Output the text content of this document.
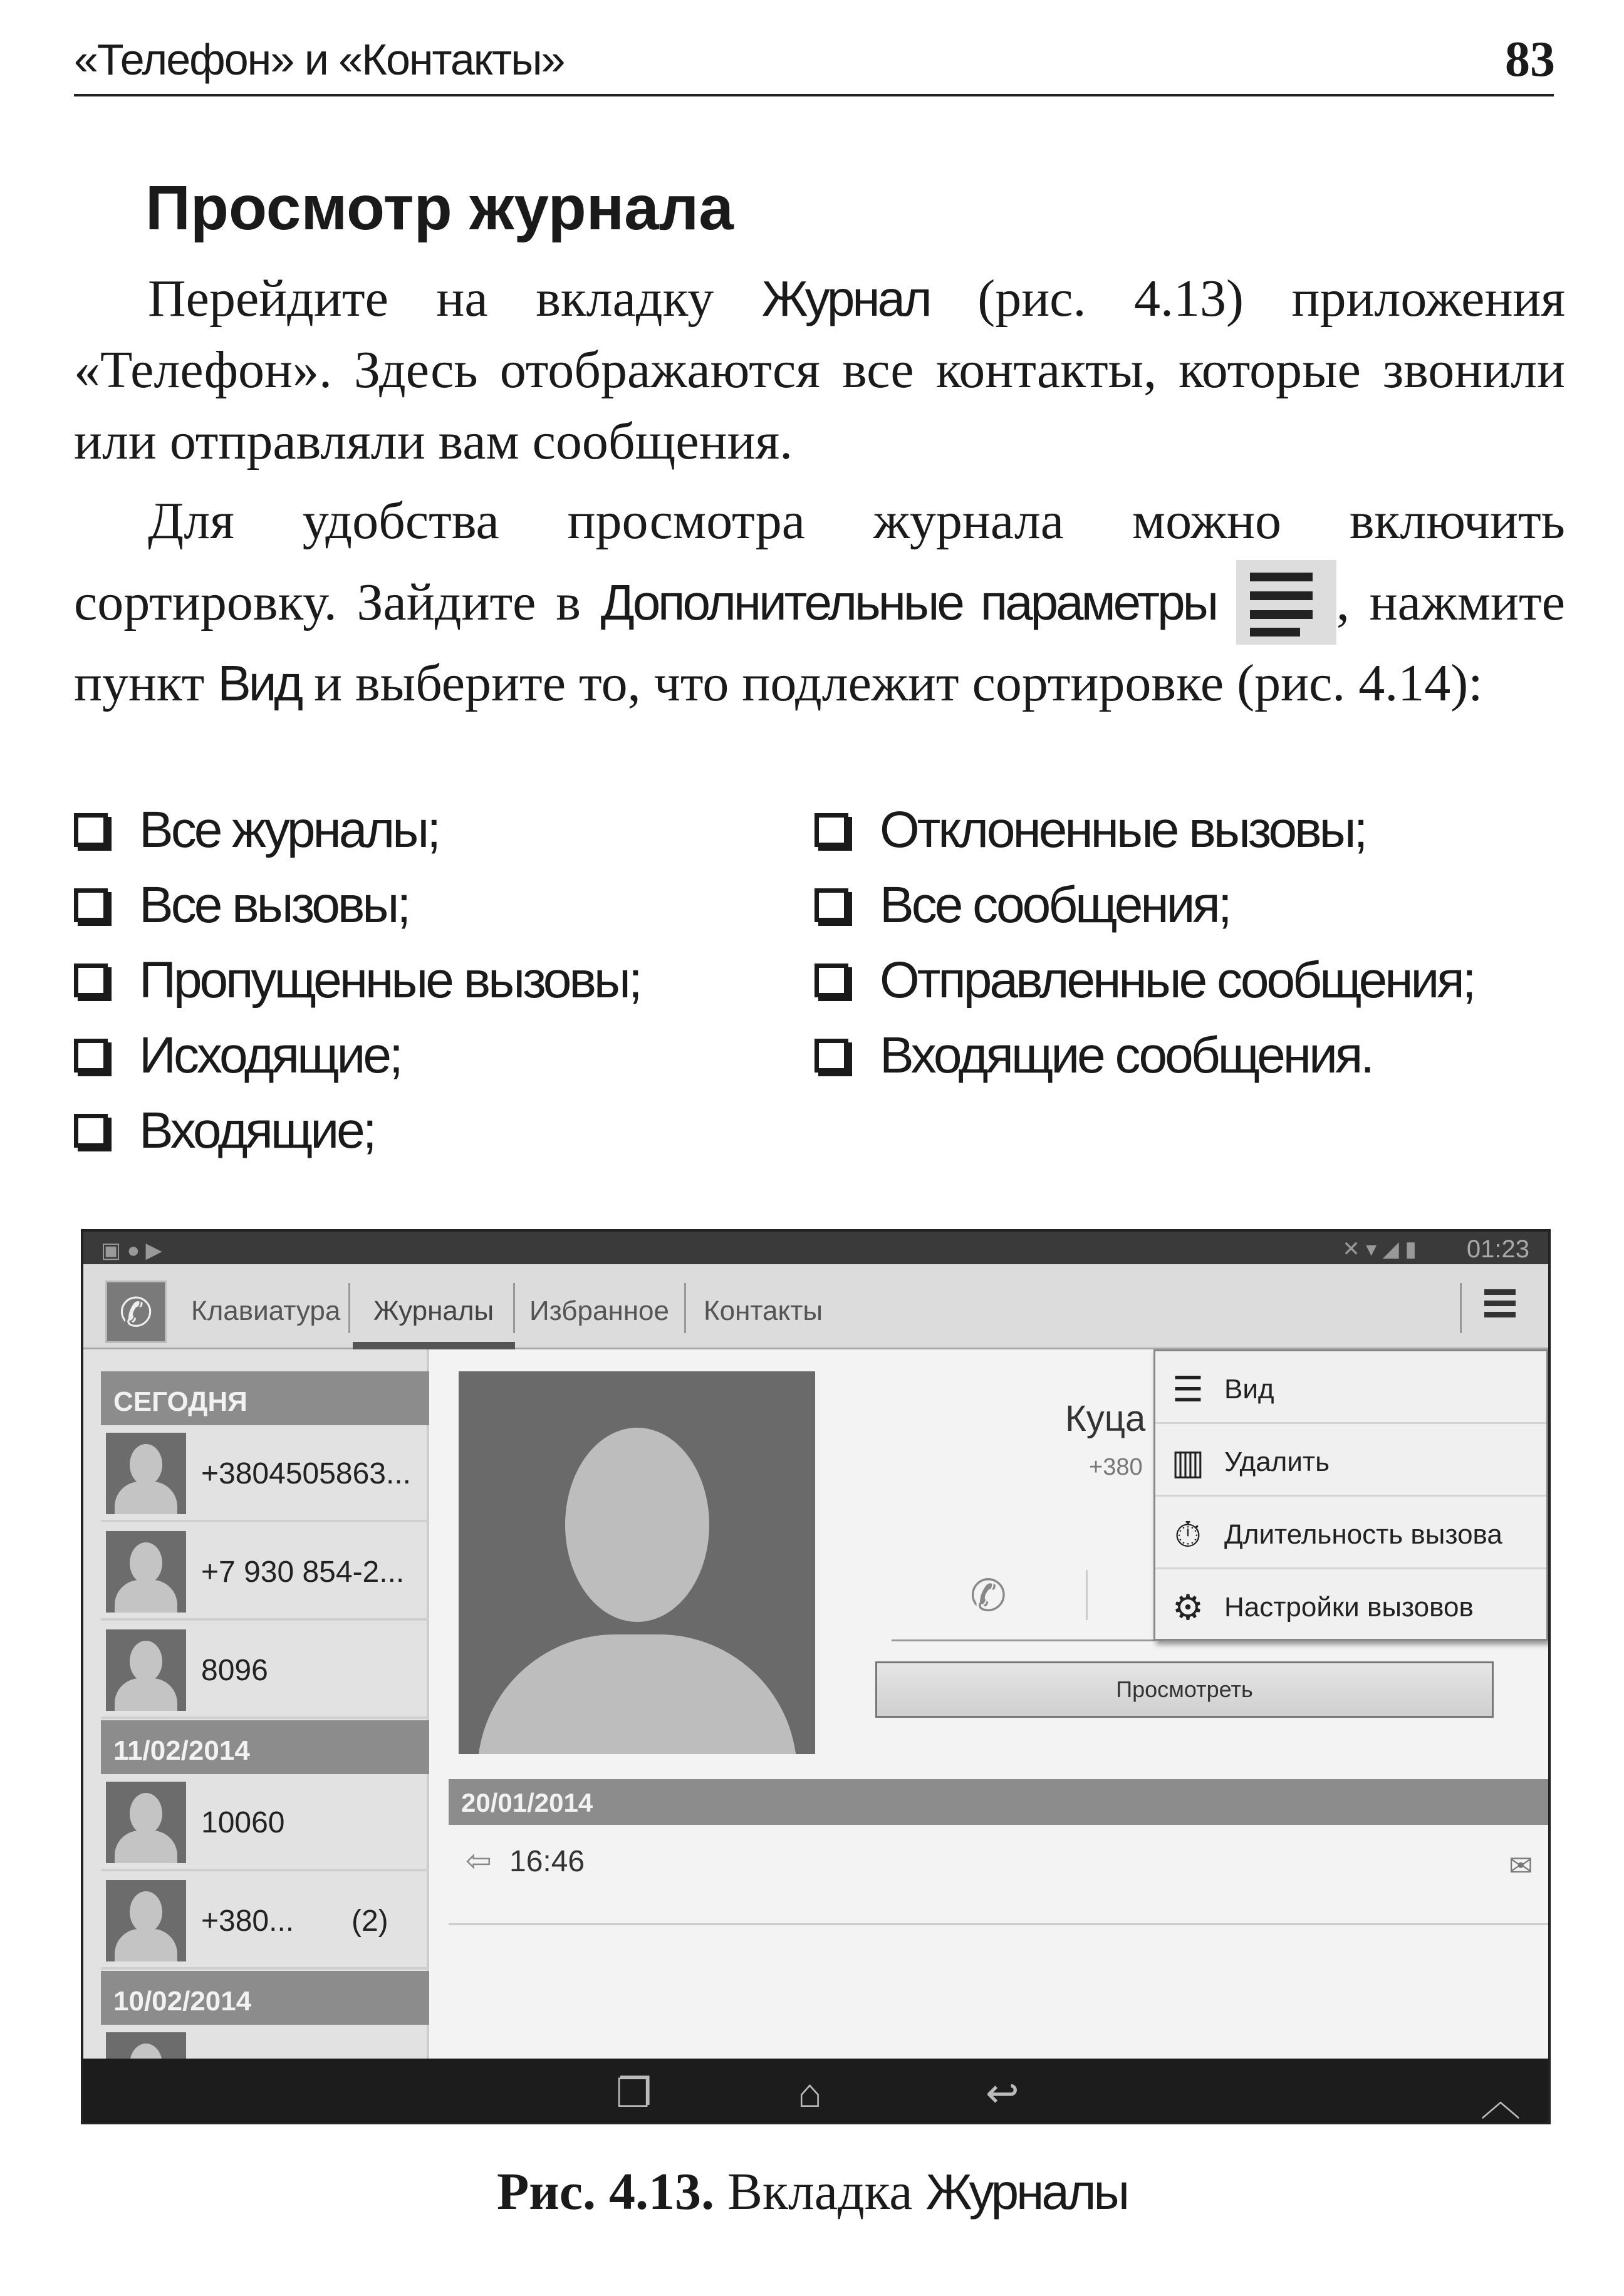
«Телефон» и «Контакты»	83
Просмотр журнала

Перейдите на вкладку Журнал (рис. 4.13) приложения «Телефон». Здесь отображаются все контакты, которые звонили или отправляли вам сообщения.

Для удобства просмотра журнала можно включить сортировку. Зайдите в Дополнительные параметры , нажмите пункт Вид и выберите то, что подлежит сортировке (рис. 4.14):

Все журналы;
Все вызовы;
Пропущенные вызовы;
Исходящие;
Входящие;
Отклоненные вызовы;
Все сообщения;
Отправленные сообщения;
Входящие сообщения.
▣ ● ▶	✕ ▾ ◢ ▮ 01:23
✆	Клавиатура Журналы Избранное Контакты
СЕГОДНЯ
+3804505863...
+7 930 854-2...
8096
11/02/2014
10060
+380... (2)
10/02/2014
Куца
+380
✆
Просмотреть
20/01/2014
⇦ 16:46	✉
☰ Вид
▥ Удалить
⏱ Длительность вызова
⚙ Настройки вызовов
❐	⌂	↩	︿
Рис. 4.13. Вкладка Журналы
